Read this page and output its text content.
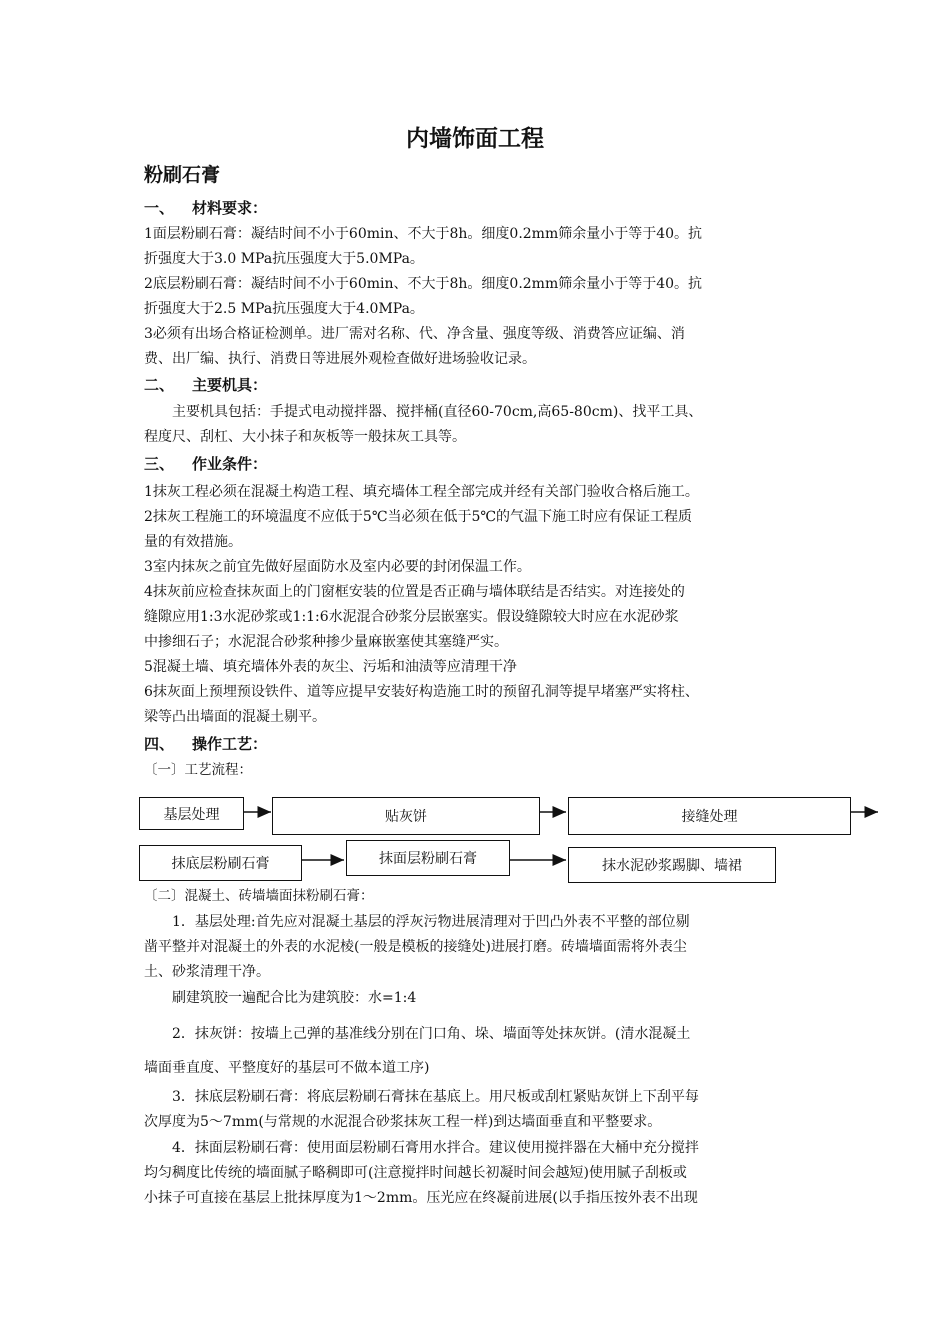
内墙饰面工程
粉刷石膏
一、 材料要求：
1面层粉刷石膏：凝结时间不小于60min、不大于8h。细度0.2mm筛余量小于等于40。抗
折强度大于3.0 MPa抗压强度大于5.0MPa。
2底层粉刷石膏：凝结时间不小于60min、不大于8h。细度0.2mm筛余量小于等于40。抗
折强度大于2.5 MPa抗压强度大于4.0MPa。
3必须有出场合格证检测单。进厂需对名称、代、净含量、强度等级、消费答应证编、消
费、出厂编、执行、消费日等进展外观检查做好进场验收记录。
二、 主要机具：
主要机具包括：手提式电动搅拌器、搅拌桶(直径60-70cm,高65-80cm)、找平工具、
程度尺、刮杠、大小抹子和灰板等一般抹灰工具等。
三、 作业条件：
1抹灰工程必须在混凝土构造工程、填充墙体工程全部完成并经有关部门验收合格后施工。
2抹灰工程施工的环境温度不应低于5℃当必须在低于5℃的气温下施工时应有保证工程质
量的有效措施。
3室内抹灰之前宜先做好屋面防水及室内必要的封闭保温工作。
4抹灰前应检查抹灰面上的门窗框安装的位置是否正确与墙体联结是否结实。对连接处的
缝隙应用1:3水泥砂浆或1:1:6水泥混合砂浆分层嵌塞实。假设缝隙较大时应在水泥砂浆
中掺细石子；水泥混合砂浆种掺少量麻嵌塞使其塞缝严实。
5混凝土墙、填充墙体外表的灰尘、污垢和油渍等应清理干净
6抹灰面上预埋预设铁件、道等应提早安装好构造施工时的预留孔洞等提早堵塞严实将柱、
梁等凸出墙面的混凝土剔平。
四、 操作工艺：
〔一〕工艺流程：
基层处理	贴灰饼	接缝处理
抹底层粉刷石膏	抹面层粉刷石膏	抹水泥砂浆踢脚、墙裙
〔二〕混凝土、砖墙墙面抹粉刷石膏：
1．基层处理:首先应对混凝土基层的浮灰污物进展清理对于凹凸外表不平整的部位剔
凿平整并对混凝土的外表的水泥棱(一般是模板的接缝处)进展打磨。砖墙墙面需将外表尘
土、砂浆清理干净。
刷建筑胶一遍配合比为建筑胶：水=1:4
2．抹灰饼：按墙上己弹的基准线分别在门口角、垛、墙面等处抹灰饼。(清水混凝土
墙面垂直度、平整度好的基层可不做本道工序)
3．抹底层粉刷石膏：将底层粉刷石膏抹在基底上。用尺板或刮杠紧贴灰饼上下刮平每
次厚度为5～7mm(与常规的水泥混合砂浆抹灰工程一样)到达墙面垂直和平整要求。
4．抹面层粉刷石膏：使用面层粉刷石膏用水拌合。建议使用搅拌器在大桶中充分搅拌
均匀稠度比传统的墙面腻子略稠即可(注意搅拌时间越长初凝时间会越短)使用腻子刮板或
小抹子可直接在基层上批抹厚度为1～2mm。压光应在终凝前进展(以手指压按外表不出现
